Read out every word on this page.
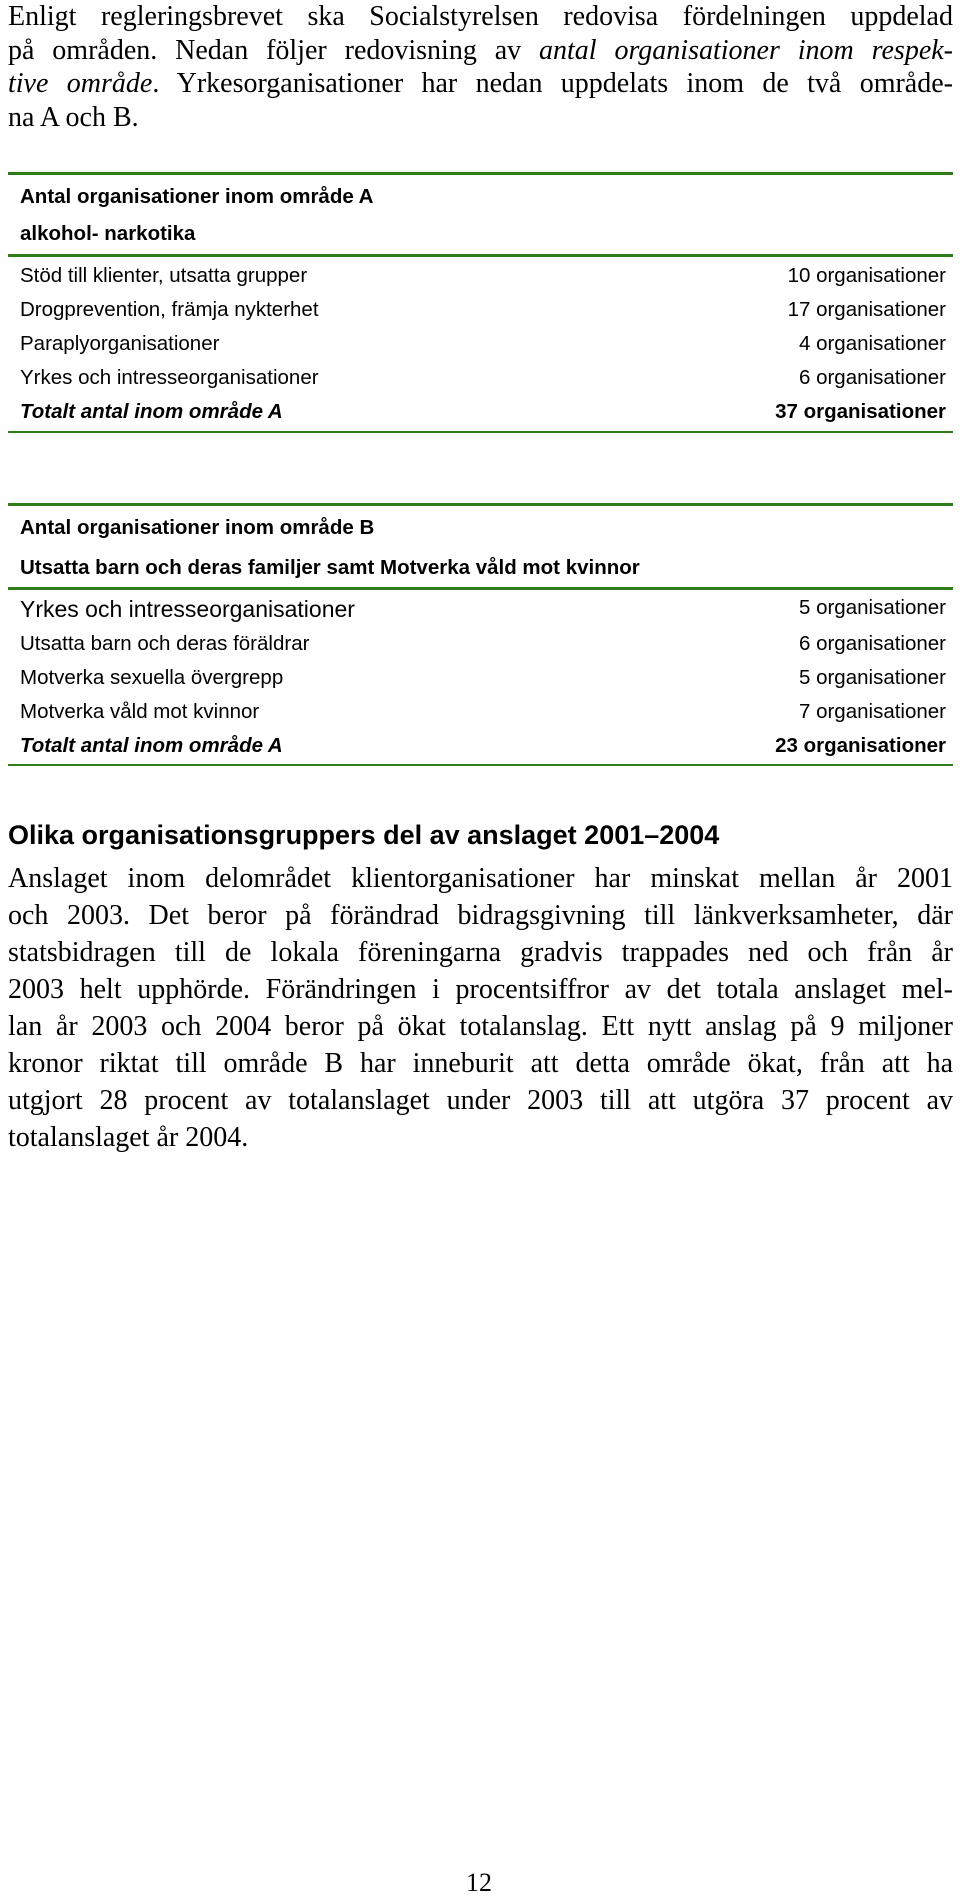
Enligt regleringsbrevet ska Socialstyrelsen redovisa fördelningen uppdelad
på områden. Nedan följer redovisning av antal organisationer inom respek-
tive område. Yrkesorganisationer har nedan uppdelats inom de två område-
na A och B.
Antal organisationer inom område A
alkohol- narkotika
Stöd till klienter, utsatta grupper	10 organisationer
Drogprevention, främja nykterhet	17 organisationer
Paraplyorganisationer	4 organisationer
Yrkes och intresseorganisationer	6 organisationer
Totalt antal inom område A	37 organisationer
Antal organisationer inom område B
Utsatta barn och deras familjer samt Motverka våld mot kvinnor
Yrkes och intresseorganisationer	5 organisationer
Utsatta barn och deras föräldrar	6 organisationer
Motverka sexuella övergrepp	5 organisationer
Motverka våld mot kvinnor	7 organisationer
Totalt antal inom område A	23 organisationer
Olika organisationsgruppers del av anslaget 2001–2004
Anslaget inom delområdet klientorganisationer har minskat mellan år 2001
och 2003. Det beror på förändrad bidragsgivning till länkverksamheter, där
statsbidragen till de lokala föreningarna gradvis trappades ned och från år
2003 helt upphörde. Förändringen i procentsiffror av det totala anslaget mel-
lan år 2003 och 2004 beror på ökat totalanslag. Ett nytt anslag på 9 miljoner
kronor riktat till område B har inneburit att detta område ökat, från att ha
utgjort 28 procent av totalanslaget under 2003 till att utgöra 37 procent av
totalanslaget år 2004.
12
